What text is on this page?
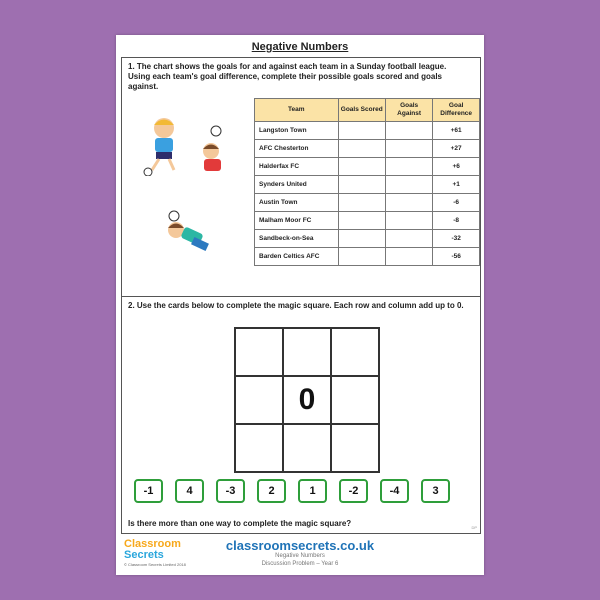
Negative Numbers
1. The chart shows the goals for and against each team in a Sunday football league. Using each team's goal difference, complete their possible goals scored and goals against.
Team	Goals Scored	Goals Against	Goal Difference
Langston Town			+61
AFC Chesterton			+27
Halderfax FC			+6
Synders United			+1
Austin Town			-6
Malham Moor FC			-8
Sandbeck-on-Sea			-32
Barden Celtics AFC			-56
2. Use the cards below to complete the magic square. Each row and column add up to 0.
0
-1	4	-3	2	1	-2	-4	3
Is there more than one way to complete the magic square?	DP
Classroom
Secrets
© Classroom Secrets Limited 2018
classroomsecrets.co.uk
Negative Numbers
Discussion Problem – Year 6
